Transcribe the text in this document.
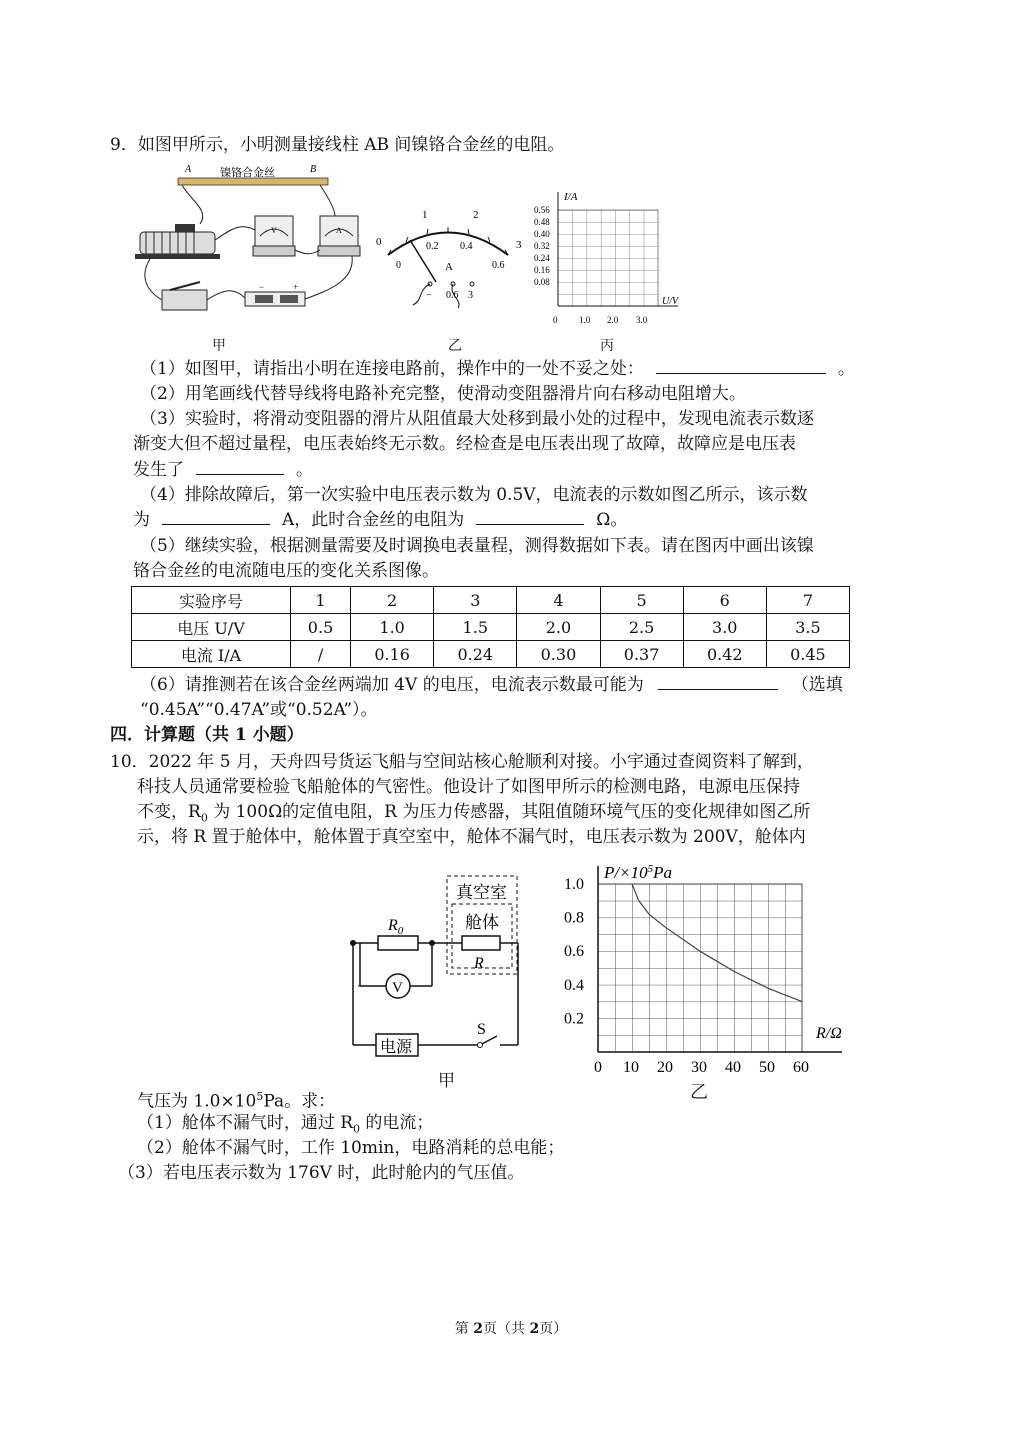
9．如图甲所示，小明测量接线柱 AB 间镍铬合金丝的电阻。
A	B
镍铬合金丝
V	A
−	+
甲
0
1	2
3
0
0.2 0.4
0.6
A
− 0.6 3
乙
I/A
U/V
0.56
0.48
0.40
0.32
0.24
0.16
0.08
0 1.0 2.0 3.0
丙
（1）如图甲，请指出小明在连接电路前，操作中的一处不妥之处：	。
（2）用笔画线代替导线将电路补充完整，使滑动变阻器滑片向右移动电阻增大。
（3）实验时，将滑动变阻器的滑片从阻值最大处移到最小处的过程中，发现电流表示数逐
渐变大但不超过量程，电压表始终无示数。经检查是电压表出现了故障，故障应是电压表
发生了	。
（4）排除故障后，第一次实验中电压表示数为 0.5V，电流表的示数如图乙所示，该示数
为	A，此时合金丝的电阻为	Ω。
（5）继续实验，根据测量需要及时调换电表量程，测得数据如下表。请在图丙中画出该镍
铬合金丝的电流随电压的变化关系图像。
实验序号	1	2	3	4	5	6	7
电压 U/V	0.5	1.0	1.5	2.0	2.5	3.0	3.5
电流 I/A	/	0.16	0.24	0.30	0.37	0.42	0.45
（6）请推测若在该合金丝两端加 4V 的电压，电流表示数最可能为	（选填
“0.45A”“0.47A”或“0.52A”）。
四．计算题（共 1 小题）
10．2022 年 5 月，天舟四号货运飞船与空间站核心舱顺利对接。小宇通过查阅资料了解到，
科技人员通常要检验飞船舱体的气密性。他设计了如图甲所示的检测电路，电源电压保持
不变，$R_0$ 为 100Ω的定值电阻，R 为压力传感器，其阻值随环境气压的变化规律如图乙所
示，将 R 置于舱体中，舱体置于真空室中，舱体不漏气时，电压表示数为 200V，舱体内
真空室
舱体
V
电源
$R_0$
R
S
$P/\times 10^5Pa$
R/Ω
1.0
0.8
0.6
0.4
0.2
0 10 20 30 40 50 60
甲
乙
气压为 $1.0\times 10^5Pa$。求：
（1）舱体不漏气时，通过 $R_0$ 的电流；
（2）舱体不漏气时，工作 10min，电路消耗的总电能；
（3）若电压表示数为 176V 时，此时舱内的气压值。
第 2页（共 2页）
